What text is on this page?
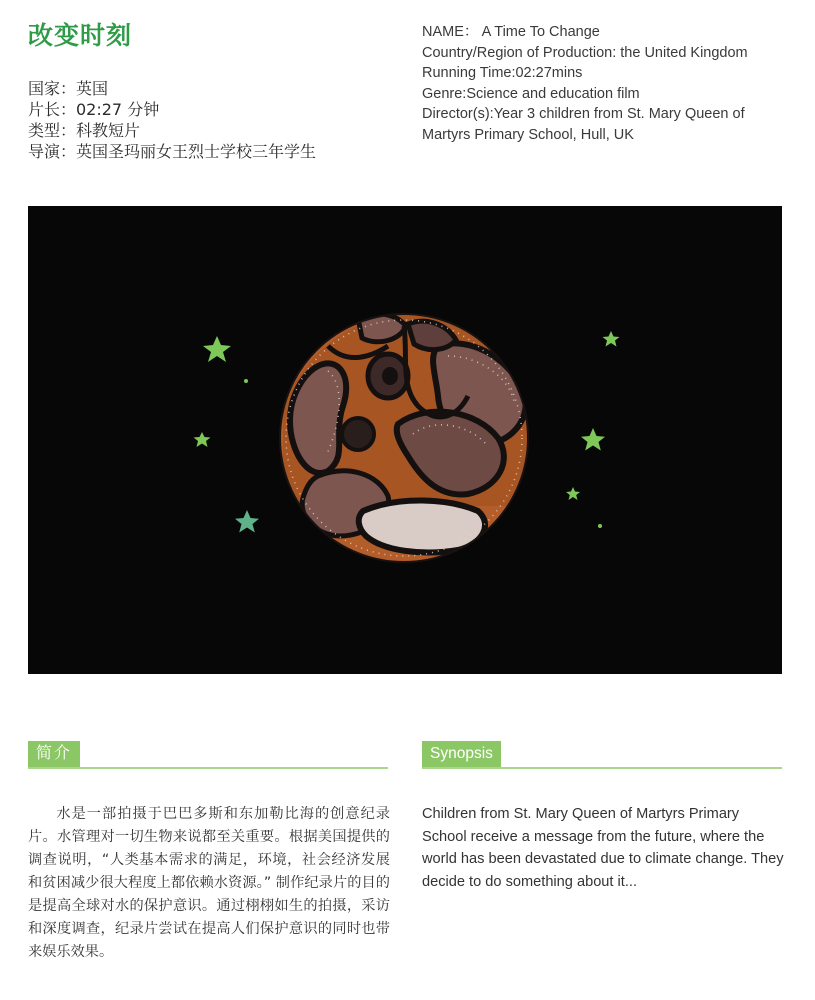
改变时刻
国家：英国
片长：02:27 分钟
类型：科教短片
导演：英国圣玛丽女王烈士学校三年学生
NAME： A Time To Change
Country/Region of Production: the United Kingdom
Running Time:02:27mins
Genre:Science and education film
Director(s):Year 3 children from St. Mary Queen of Martyrs Primary School, Hull, UK
简介	Synopsis

水是一部拍摄于巴巴多斯和东加勒比海的创意纪录片。水管理对一切生物来说都至关重要。根据美国提供的调查说明，“人类基本需求的满足，环境，社会经济发展和贫困减少很大程度上都依赖水资源。” 制作纪录片的目的是提高全球对水的保护意识。通过栩栩如生的拍摄，采访和深度调查，纪录片尝试在提高人们保护意识的同时也带来娱乐效果。

Children from St. Mary Queen of Martyrs Primary School receive a message from the future, where the world has been devastated due to climate change. They decide to do something about it...
